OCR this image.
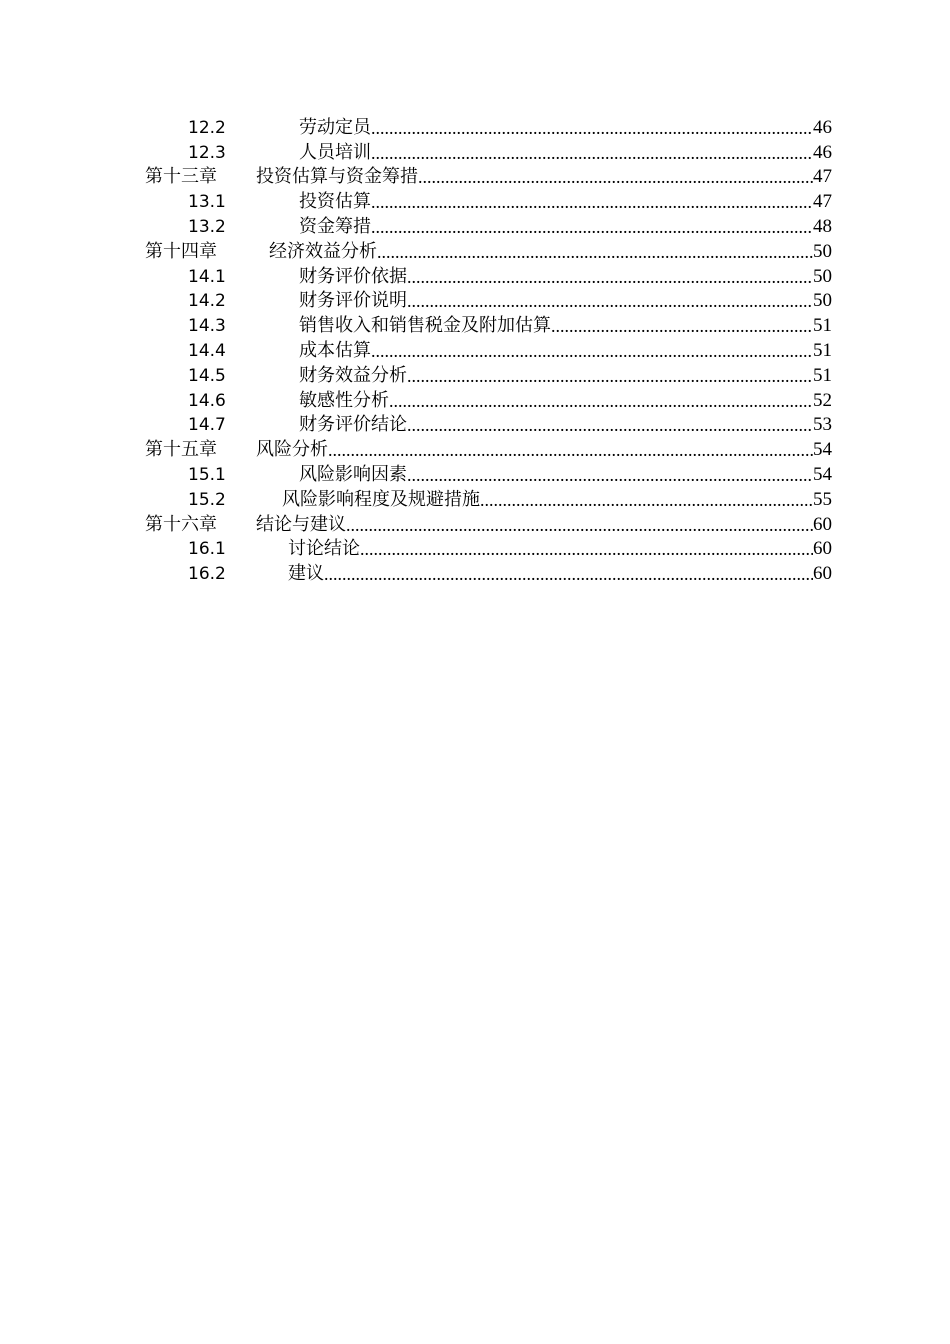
12.2	劳动定员 .....	46
12.3	人员培训 .....	46
第十三章	投资估算与资金筹措 .....	47
13.1	投资估算 .....	47
13.2	资金筹措 .....	48
第十四章	经济效益分析 .....	50
14.1	财务评价依据 .....	50
14.2	财务评价说明 .....	50
14.3	销售收入和销售税金及附加估算 .....	51
14.4	成本估算 .....	51
14.5	财务效益分析 .....	51
14.6	敏感性分析 .....	52
14.7	财务评价结论 .....	53
第十五章	风险分析 .....	54
15.1	风险影响因素 .....	54
15.2	风险影响程度及规避措施 .....	55
第十六章	结论与建议 .....	60
16.1	讨论结论 .....	60
16.2	建议 .....	60
